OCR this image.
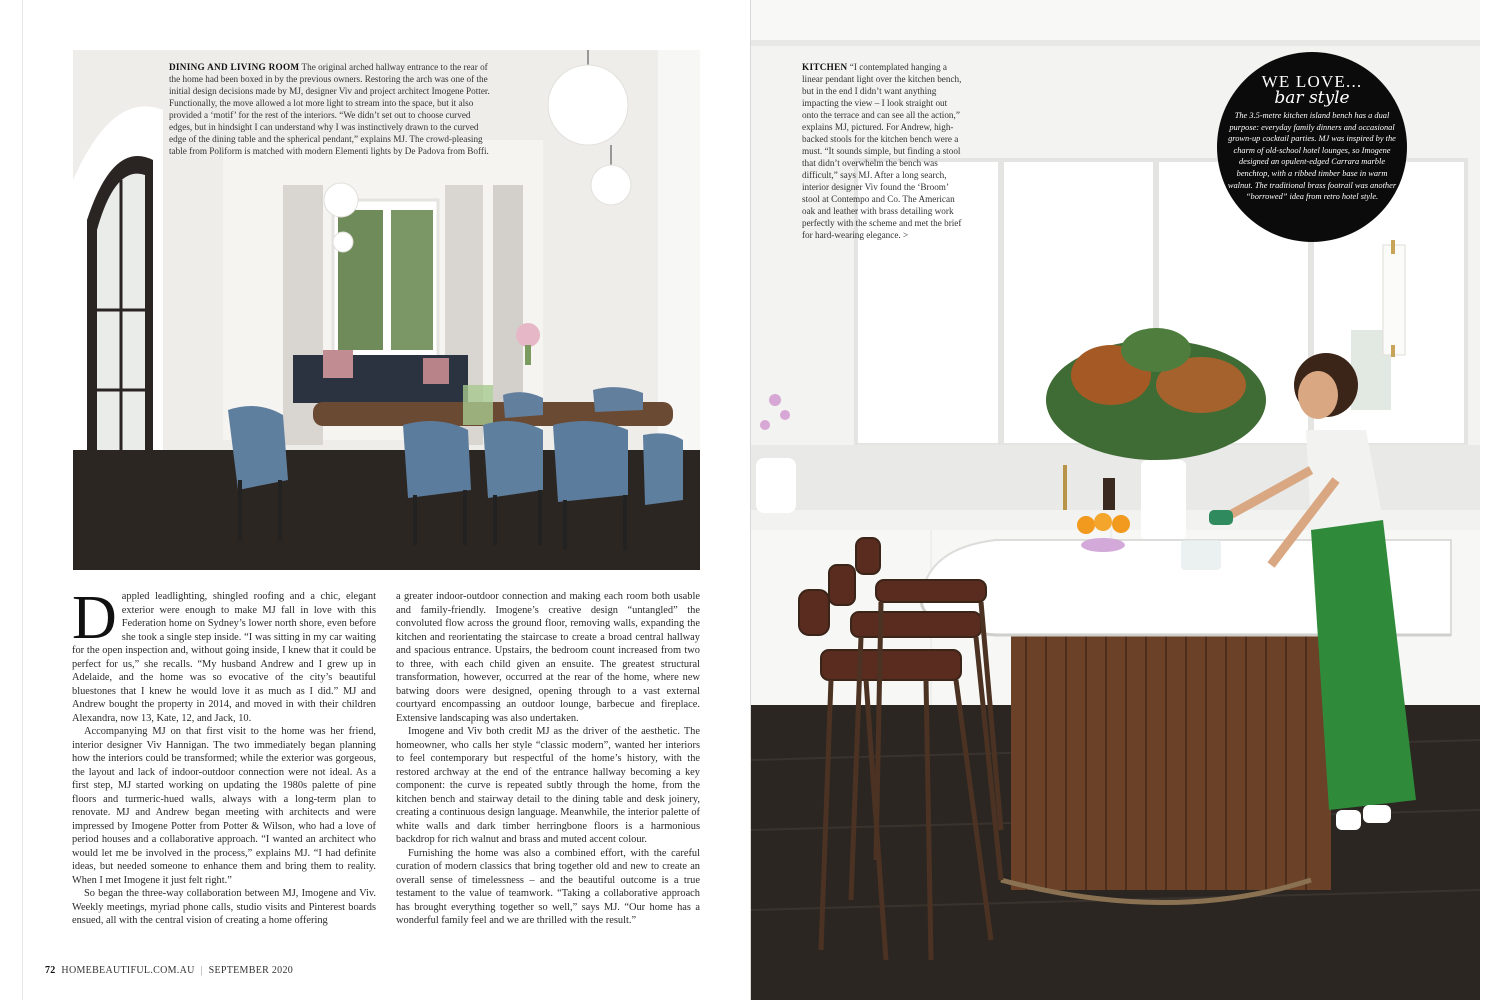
DINING AND LIVING ROOM The original arched hallway entrance to the rear of the home had been boxed in by the previous owners. Restoring the arch was one of the initial design decisions made by MJ, designer Viv and project architect Imogene Potter. Functionally, the move allowed a lot more light to stream into the space, but it also provided a ‘motif’ for the rest of the interiors. “We didn’t set out to choose curved edges, but in hindsight I can understand why I was instinctively drawn to the curved edge of the dining table and the spherical pendant,” explains MJ. The crowd-pleasing table from Poliform is matched with modern Elementi lights by De Padova from Boffi.

Dappled leadlighting, shingled roofing and a chic, elegant exterior were enough to make MJ fall in love with this Federation home on Sydney’s lower north shore, even before she took a single step inside. “I was sitting in my car waiting for the open inspection and, without going inside, I knew that it could be perfect for us,” she recalls. “My husband Andrew and I grew up in Adelaide, and the home was so evocative of the city’s beautiful bluestones that I knew he would love it as much as I did.” MJ and Andrew bought the property in 2014, and moved in with their children Alexandra, now 13, Kate, 12, and Jack, 10.

Accompanying MJ on that first visit to the home was her friend, interior designer Viv Hannigan. The two immediately began planning how the interiors could be transformed; while the exterior was gorgeous, the layout and lack of indoor-outdoor connection were not ideal. As a first step, MJ started working on updating the 1980s palette of pine floors and turmeric-hued walls, always with a long-term plan to renovate. MJ and Andrew began meeting with architects and were impressed by Imogene Potter from Potter & Wilson, who had a love of period houses and a collaborative approach. “I wanted an architect who would let me be involved in the process,” explains MJ. “I had definite ideas, but needed someone to enhance them and bring them to reality. When I met Imogene it just felt right.”

So began the three-way collaboration between MJ, Imogene and Viv. Weekly meetings, myriad phone calls, studio visits and Pinterest boards ensued, all with the central vision of creating a home offering

a greater indoor-outdoor connection and making each room both usable and family-friendly. Imogene’s creative design “untangled” the convoluted flow across the ground floor, removing walls, expanding the kitchen and reorientating the staircase to create a broad central hallway and spacious entrance. Upstairs, the bedroom count increased from two to three, with each child given an ensuite. The greatest structural transformation, however, occurred at the rear of the home, where new batwing doors were designed, opening through to a vast external courtyard encompassing an outdoor lounge, barbecue and fireplace. Extensive landscaping was also undertaken.

Imogene and Viv both credit MJ as the driver of the aesthetic. The homeowner, who calls her style “classic modern”, wanted her interiors to feel contemporary but respectful of the home’s history, with the restored archway at the end of the entrance hallway becoming a key component: the curve is repeated subtly through the home, from the kitchen bench and stairway detail to the dining table and desk joinery, creating a continuous design language. Meanwhile, the interior palette of white walls and dark timber herringbone floors is a harmonious backdrop for rich walnut and brass and muted accent colour.

Furnishing the home was also a combined effort, with the careful curation of modern classics that bring together old and new to create an overall sense of timelessness – and the beautiful outcome is a true testament to the value of teamwork. “Taking a collaborative approach has brought everything together so well,” says MJ. “Our home has a wonderful family feel and we are thrilled with the result.”

72 HOMEBEAUTIFUL.COM.AU | SEPTEMBER 2020
KITCHEN “I contemplated hanging a linear pendant light over the kitchen bench, but in the end I didn’t want anything impacting the view – I look straight out onto the terrace and can see all the action,” explains MJ, pictured. For Andrew, high-backed stools for the kitchen bench were a must. “It sounds simple, but finding a stool that didn’t overwhelm the bench was difficult,” says MJ. After a long search, interior designer Viv found the ‘Broom’ stool at Contempo and Co. The American oak and leather with brass detailing work perfectly with the scheme and met the brief for hard-wearing elegance. >
WE LOVE...
bar style
The 3.5-metre kitchen island bench has a dual purpose: everyday family dinners and occasional grown-up cocktail parties. MJ was inspired by the charm of old-school hotel lounges, so Imogene designed an opulent-edged Carrara marble benchtop, with a ribbed timber base in warm walnut. The traditional brass footrail was another “borrowed” idea from retro hotel style.
